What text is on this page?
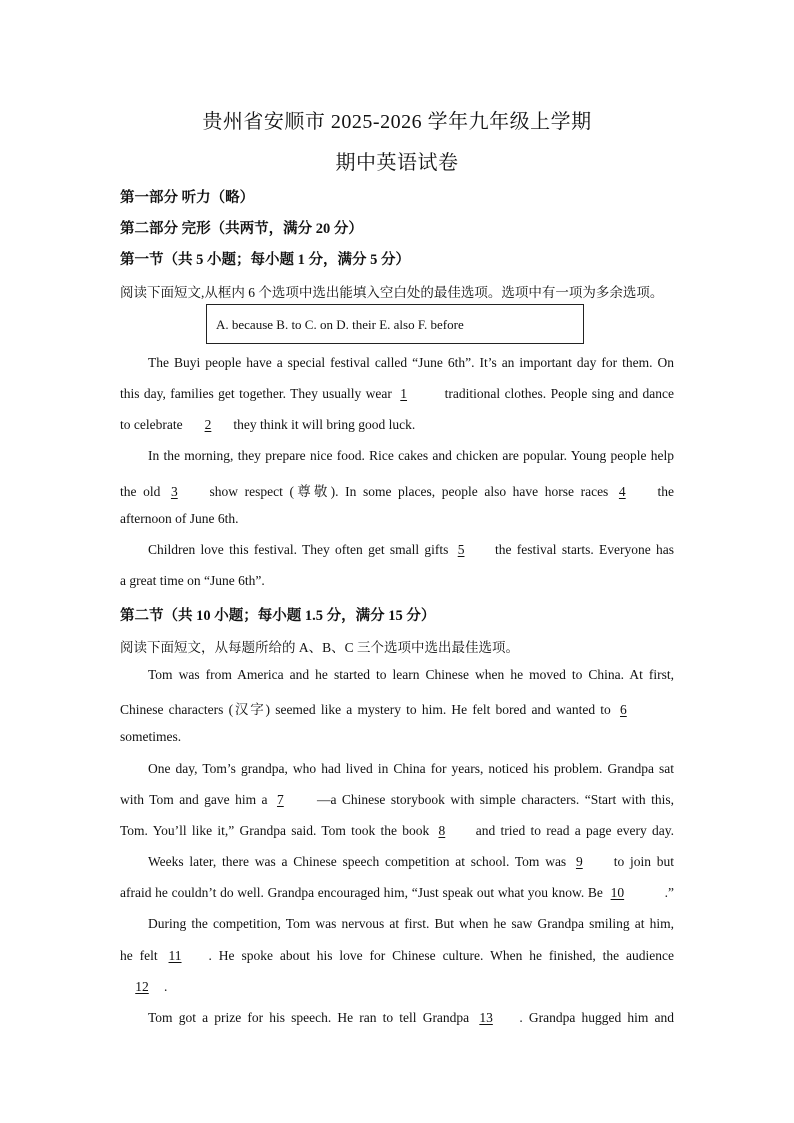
贵州省安顺市 2025-2026 学年九年级上学期
期中英语试卷
第一部分 听力（略）
第二部分 完形（共两节，满分 20 分）
第一节（共 5 小题；每小题 1 分，满分 5 分）
阅读下面短文,从框内 6 个选项中选出能填入空白处的最佳选项。选项中有一项为多余选项。
A. because B. to C. on D. their E. also F. before
The Buyi people have a special festival called “June 6th”. It’s an important day for them. On
this day, families get together. They usually wear 1 traditional clothes. People sing and dance
to celebrate 2 they think it will bring good luck.
In the morning, they prepare nice food. Rice cakes and chicken are popular. Young people help
the old 3 show respect (尊敬). In some places, people also have horse races 4 the
afternoon of June 6th.
Children love this festival. They often get small gifts 5 the festival starts. Everyone has
a great time on “June 6th”.
第二节（共 10 小题；每小题 1.5 分，满分 15 分）
阅读下面短文，从每题所给的 A、B、C 三个选项中选出最佳选项。
Tom was from America and he started to learn Chinese when he moved to China. At first,
Chinese characters (汉字) seemed like a mystery to him. He felt bored and wanted to 6
sometimes.
One day, Tom’s grandpa, who had lived in China for years, noticed his problem. Grandpa sat
with Tom and gave him a 7 —a Chinese storybook with simple characters. “Start with this,
Tom. You’ll like it,” Grandpa said. Tom took the book 8 and tried to read a page every day.
Weeks later, there was a Chinese speech competition at school. Tom was 9 to join but
afraid he couldn’t do well. Grandpa encouraged him, “Just speak out what you know. Be 10	.”
During the competition, Tom was nervous at first. But when he saw Grandpa smiling at him,
he felt 11 . He spoke about his love for Chinese culture. When he finished, the audience
12 .
Tom got a prize for his speech. He ran to tell Grandpa 13 . Grandpa hugged him and
